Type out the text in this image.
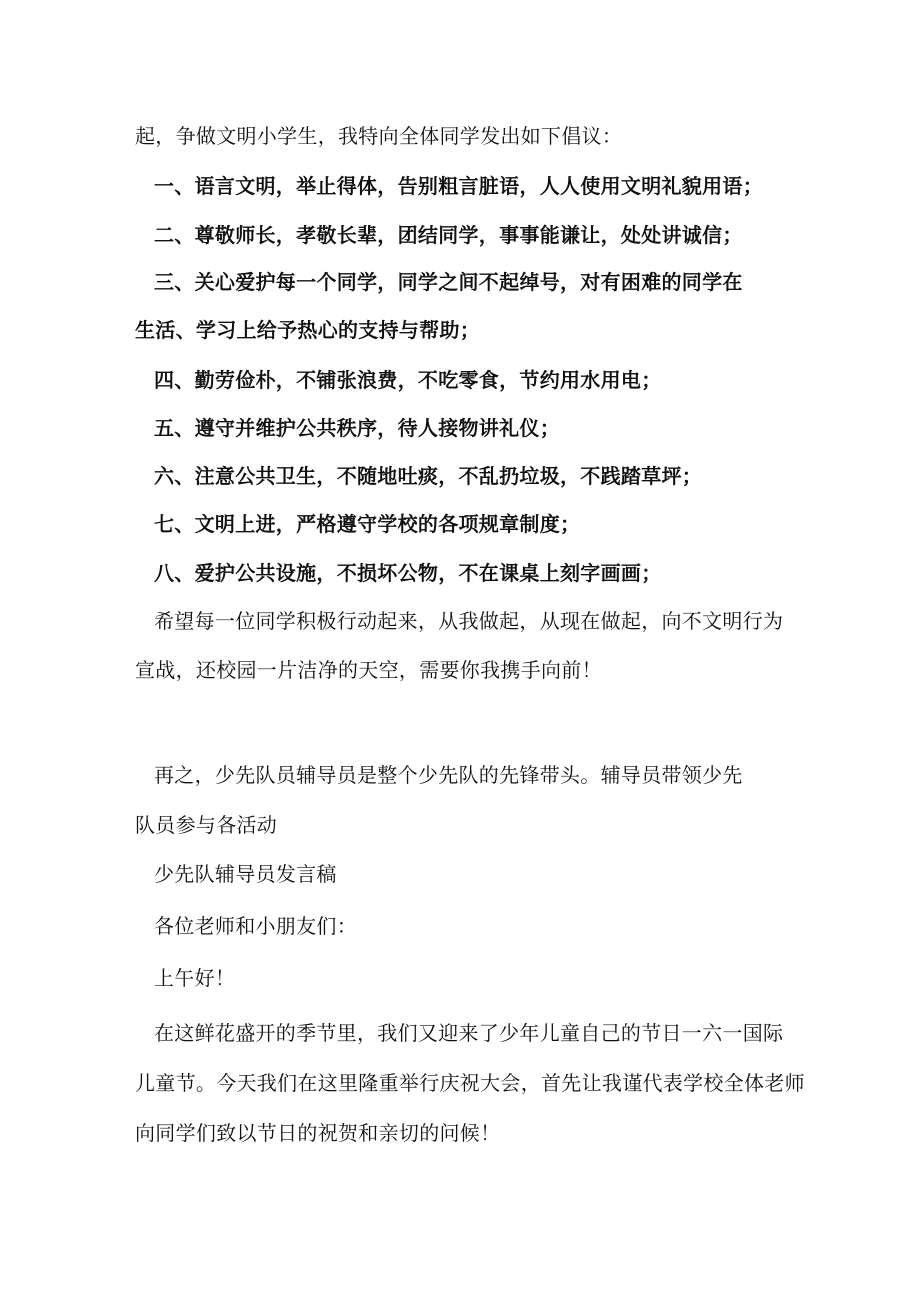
起，争做文明小学生，我特向全体同学发出如下倡议：
一、语言文明，举止得体，告别粗言脏语，人人使用文明礼貌用语；
二、尊敬师长，孝敬长辈，团结同学，事事能谦让，处处讲诚信；
三、关心爱护每一个同学，同学之间不起绰号，对有困难的同学在
生活、学习上给予热心的支持与帮助；
四、勤劳俭朴，不铺张浪费，不吃零食，节约用水用电；
五、遵守并维护公共秩序，待人接物讲礼仪；
六、注意公共卫生，不随地吐痰，不乱扔垃圾，不践踏草坪；
七、文明上进，严格遵守学校的各项规章制度；
八、爱护公共设施，不损坏公物，不在课桌上刻字画画；
希望每一位同学积极行动起来，从我做起，从现在做起，向不文明行为
宣战，还校园一片洁净的天空，需要你我携手向前！
再之，少先队员辅导员是整个少先队的先锋带头。辅导员带领少先
队员参与各活动
少先队辅导员发言稿
各位老师和小朋友们：
上午好！
在这鲜花盛开的季节里，我们又迎来了少年儿童自己的节日一六一国际
儿童节。今天我们在这里隆重举行庆祝大会，首先让我谨代表学校全体老师
向同学们致以节日的祝贺和亲切的问候！
